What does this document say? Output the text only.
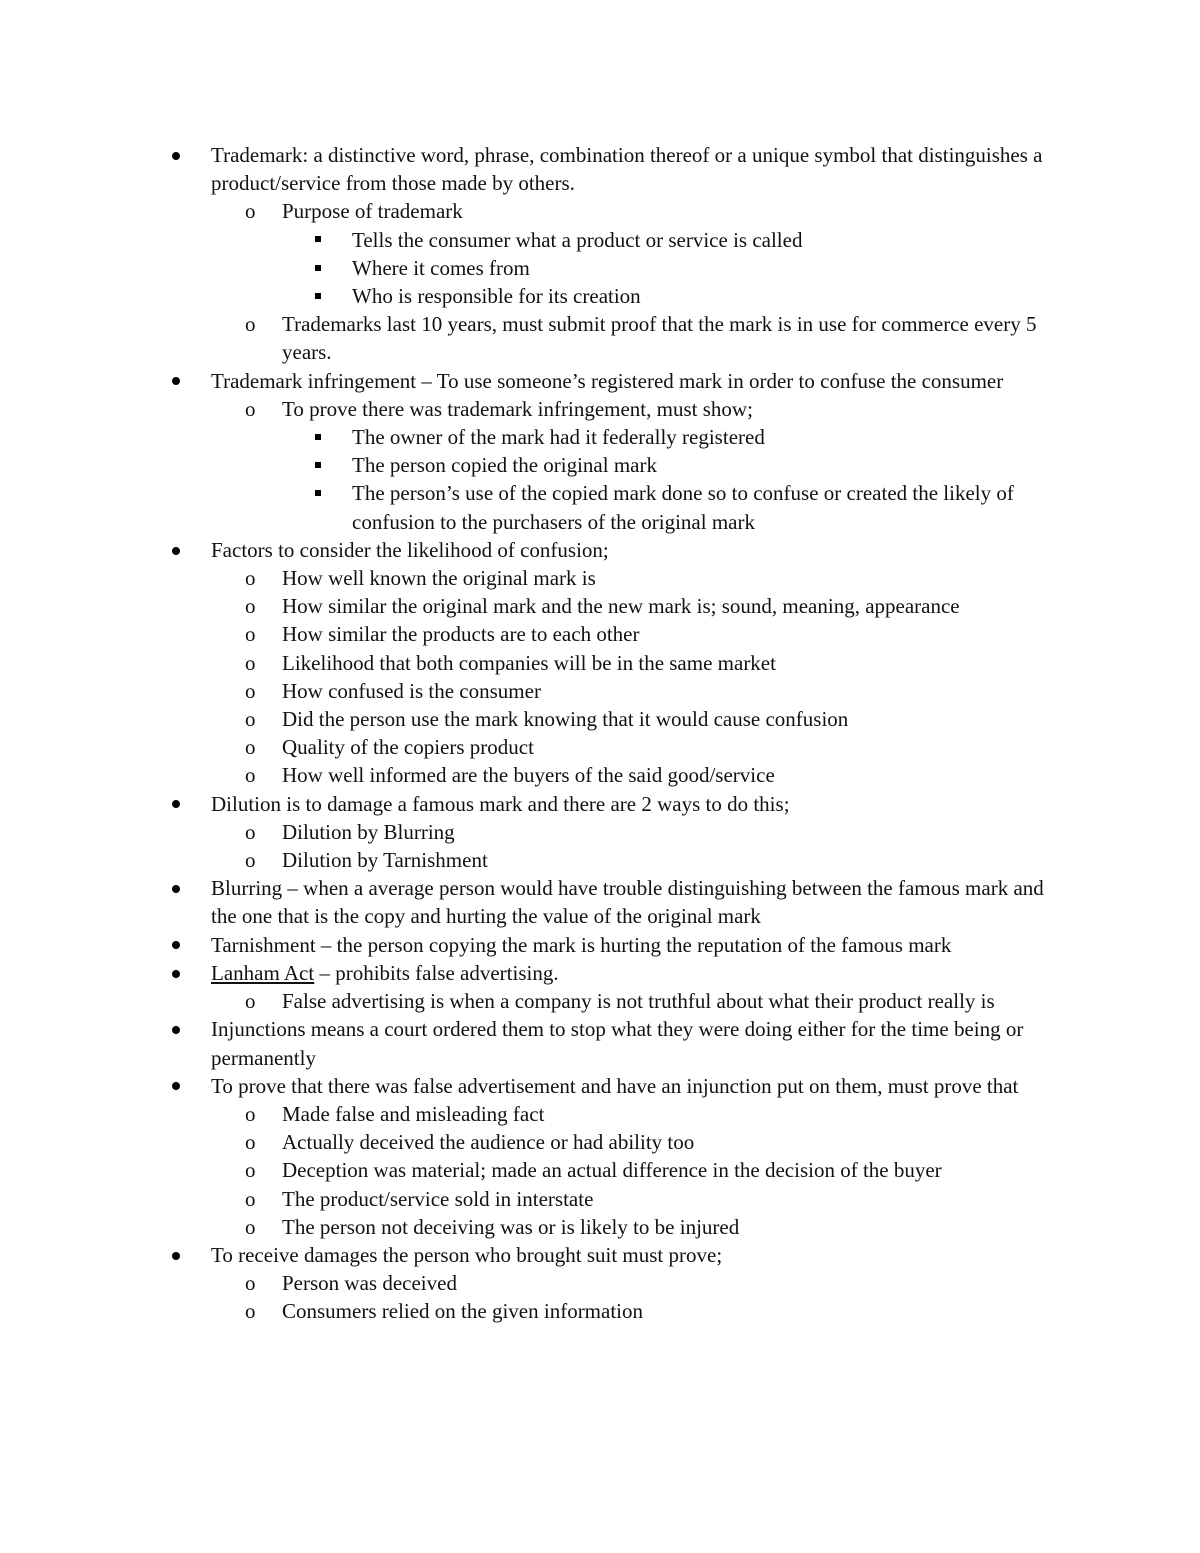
Trademark: a distinctive word, phrase, combination thereof or a unique symbol that distinguishes a product/service from those made by others.
o Purpose of trademark
Tells the consumer what a product or service is called
Where it comes from
Who is responsible for its creation
o Trademarks last 10 years, must submit proof that the mark is in use for commerce every 5 years.
Trademark infringement – To use someone’s registered mark in order to confuse the consumer
o To prove there was trademark infringement, must show;
The owner of the mark had it federally registered
The person copied the original mark
The person’s use of the copied mark done so to confuse or created the likely of confusion to the purchasers of the original mark
Factors to consider the likelihood of confusion;
o How well known the original mark is
o How similar the original mark and the new mark is; sound, meaning, appearance
o How similar the products are to each other
o Likelihood that both companies will be in the same market
o How confused is the consumer
o Did the person use the mark knowing that it would cause confusion
o Quality of the copiers product
o How well informed are the buyers of the said good/service
Dilution is to damage a famous mark and there are 2 ways to do this;
o Dilution by Blurring
o Dilution by Tarnishment
Blurring – when a average person would have trouble distinguishing between the famous mark and the one that is the copy and hurting the value of the original mark
Tarnishment – the person copying the mark is hurting the reputation of the famous mark
Lanham Act – prohibits false advertising.
o False advertising is when a company is not truthful about what their product really is
Injunctions means a court ordered them to stop what they were doing either for the time being or permanently
To prove that there was false advertisement and have an injunction put on them, must prove that
o Made false and misleading fact
o Actually deceived the audience or had ability too
o Deception was material; made an actual difference in the decision of the buyer
o The product/service sold in interstate
o The person not deceiving was or is likely to be injured
To receive damages the person who brought suit must prove;
o Person was deceived
o Consumers relied on the given information
